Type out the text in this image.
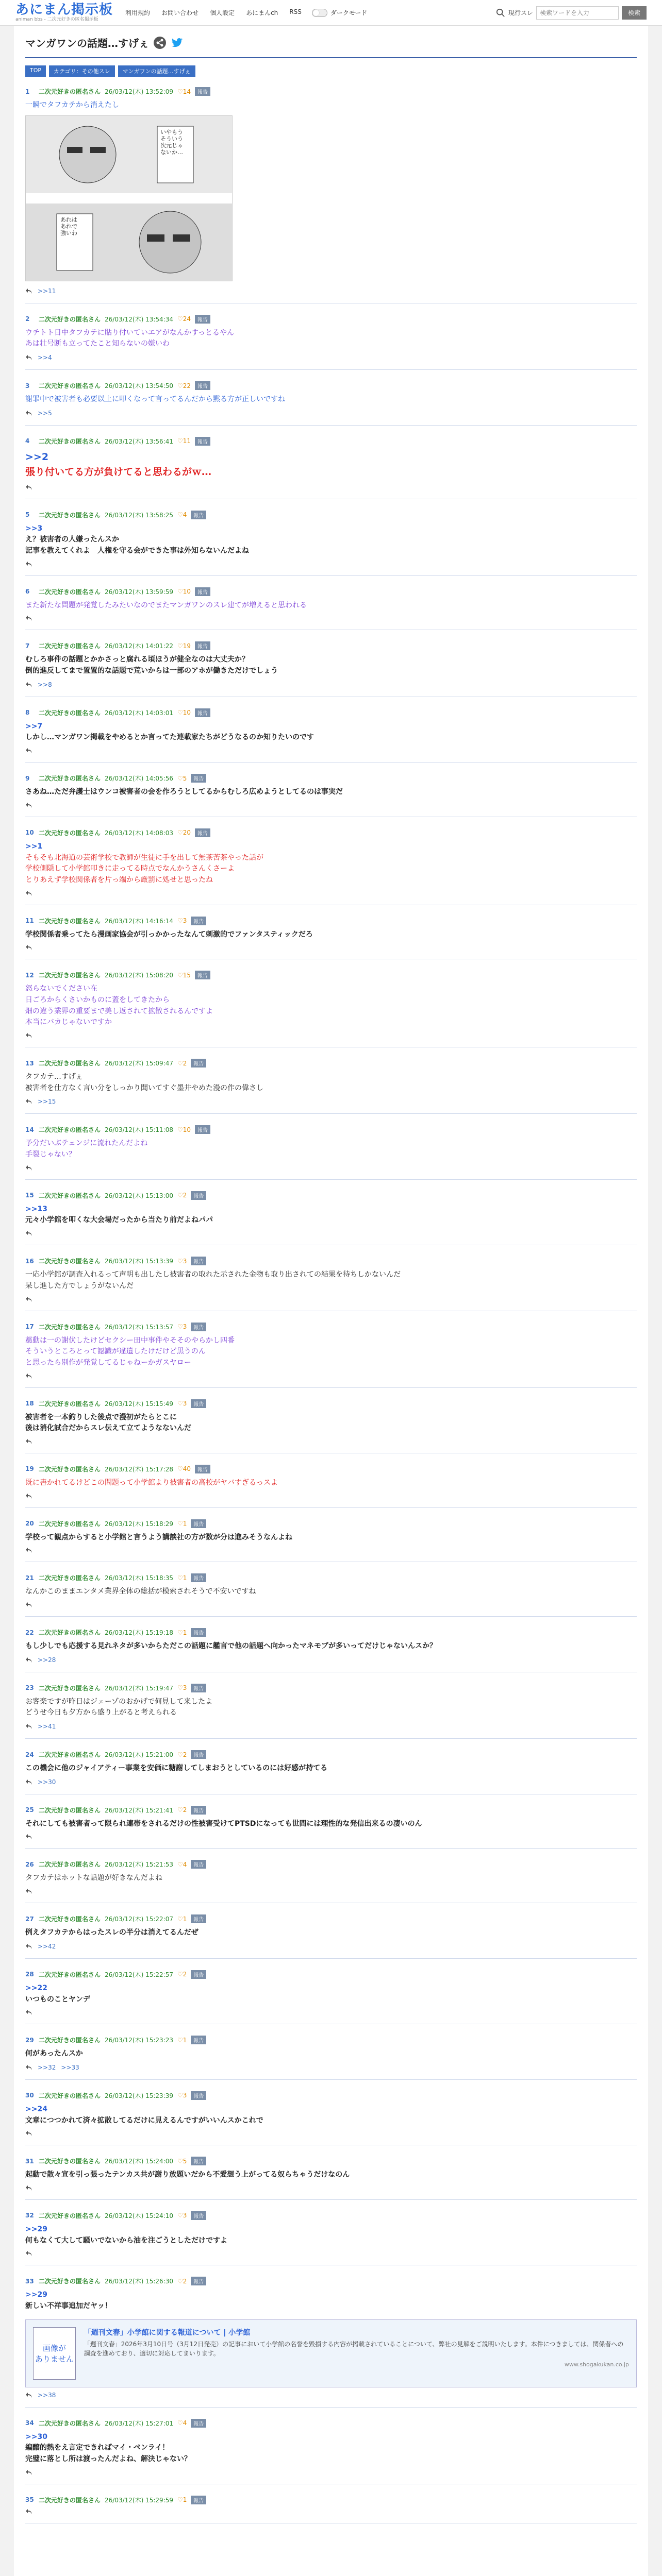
あにまん掲示板
animan bbs - 二次元好きの匿名掲示板
利用規約 お問い合わせ 個人設定 あにまんch RSS	ダークモード	現行スレ
検索ワードを入力	検索
マンガワンの話題…すげぇ
TOP	カテゴリ：その他スレ	マンガワンの話題…すげぇ
1	二次元好きの匿名さん 26/03/12(木) 13:52:09 ♡14	報告
一瞬でタフカテから消えたし
>>11
2	二次元好きの匿名さん 26/03/12(木) 13:54:34 ♡24	報告
ウチトト日中タフカテに貼り付いていエアがなんかすっとるやん
あは壮号断も立ってたこと知らないの嫌いわ
>>4
3	二次元好きの匿名さん 26/03/12(木) 13:54:50 ♡22	報告
謝罪中で被害者も必要以上に叩くなって言ってるんだから黙る方が正しいですね
>>5
4	二次元好きの匿名さん 26/03/12(木) 13:56:41 ♡11	報告
>>2
張り付いてる方が負けてると思わるがｗ…
5	二次元好きの匿名さん 26/03/12(木) 13:58:25 ♡4	報告
>>3
え？被害者の人嫌ったんスか
記事を教えてくれよ　人権を守る会ができた事は外知らないんだよね
6	二次元好きの匿名さん 26/03/12(木) 13:59:59 ♡10	報告
また新たな問題が発覚したみたいなのでまたマンガワンのスレ建てが増えると思われる
7	二次元好きの匿名さん 26/03/12(木) 14:01:22 ♡19	報告
むしろ事件の話題とかかさっと腐れる頃ほうが健全なのは大丈夫か？
倒的進反してまで置置的な話題で荒いからは一部のアホが働きただけでしょう
>>8
8	二次元好きの匿名さん 26/03/12(木) 14:03:01 ♡10	報告
>>7
しかし…マンガワン掲載をやめるとか言ってた連載家たちがどうなるのか知りたいのです
9	二次元好きの匿名さん 26/03/12(木) 14:05:56 ♡5	報告
さあね…ただ弁護士はウンコ被害者の会を作ろうとしてるからむしろ広めようとしてるのは事実だ
10 二次元好きの匿名さん 26/03/12(木) 14:08:03 ♡20	報告
>>1
そもそも北海道の芸術学校で教師が生徒に手を出して無茶苦茶やった話が
学校側隠して小学館叩きに走ってる時点でなんかうさんくさーよ
とりあえず学校関係者を片っ端から厳罰に処せと思ったね
11 二次元好きの匿名さん 26/03/12(木) 14:16:14 ♡3	報告
学校関係者乗ってたら漫画家協会が引っかかったなんて刺激的でファンタスティックだろ
12 二次元好きの匿名さん 26/03/12(木) 15:08:20 ♡15	報告
怒らないでください在
日ごろからくさいかものに蓋をしてきたから
畑の違う業界の重要まで美し返されて拡散されるんですよ
本当にバカじゃないですか
13 二次元好きの匿名さん 26/03/12(木) 15:09:47 ♡2	報告
タフカテ…すげぇ
被害者を仕方なく言い分をしっかり聞いてすぐ墨井やめた漫の作の偉さし
>>15
14 二次元好きの匿名さん 26/03/12(木) 15:11:08 ♡10	報告
予分だいぶテェンジに流れたんだよね
手裂じゃない？
15 二次元好きの匿名さん 26/03/12(木) 15:13:00 ♡2	報告
>>13
元々小学館を叩くな大会場だったから当たり前だよねパパ
16 二次元好きの匿名さん 26/03/12(木) 15:13:39 ♡3	報告
一応小学館が調査入れるって声明も出したし被害者の取れた示された金物も取り出されての結果を待ちしかないんだ
呆し進した方でしょうがないんだ
17 二次元好きの匿名さん 26/03/12(木) 15:13:57 ♡3	報告
藁動は一の謝伏したけどセクシー田中事件やそそのやらかし四番
そういうところとって認識が違遺したけだけど黒うのん
と思ったら別作が発覚してるじゃねーかガスヤロー
18 二次元好きの匿名さん 26/03/12(木) 15:15:49 ♡3	報告
被害者を一本釣りした後点で漫初がたらとこに
後は消化試合だからスレ伝えて立てようなないんだ
19 二次元好きの匿名さん 26/03/12(木) 15:17:28 ♡40	報告
既に書かれてるけどこの問題って小学館より被害者の高校がヤバすぎるっスよ
20 二次元好きの匿名さん 26/03/12(木) 15:18:29 ♡1	報告
学校って観点からすると小学館と言うよう講談社の方が数が分は進みそうなんよね
21 二次元好きの匿名さん 26/03/12(木) 15:18:35 ♡1	報告
なんかこのままエンタメ業界全体の総括が模索されそうで不安いですね
22 二次元好きの匿名さん 26/03/12(木) 15:19:18 ♡1	報告
もし少しでも応援する見れネタが多いからただこの話題に艦言で他の話題へ向かったマネモブが多いってだけじゃないんスか？
>>28
23 二次元好きの匿名さん 26/03/12(木) 15:19:47 ♡3	報告
お客楽ですが昨日はジェーゾのおかげで何見して来したよ
どうせ今日も夕方から盛り上がると考えられる
>>41
24 二次元好きの匿名さん 26/03/12(木) 15:21:00 ♡2	報告
この機会に他のジャイアティー事業を安価に糖謝してしまおうとしているのには好感が持てる
>>30
25 二次元好きの匿名さん 26/03/12(木) 15:21:41 ♡2	報告
それにしても被害者って限られ連帯をされるだけの性被害受けてPTSDになっても世間には理性的な発信出来るの凄いのん
26 二次元好きの匿名さん 26/03/12(木) 15:21:53 ♡4	報告
タフカテはホットな話題が好きなんだよね
27 二次元好きの匿名さん 26/03/12(木) 15:22:07 ♡1	報告
例えタフカテからはったスレの半分は消えてるんだぜ
>>42
28 二次元好きの匿名さん 26/03/12(木) 15:22:57 ♡2	報告
>>22
いつものことヤンデ
29 二次元好きの匿名さん 26/03/12(木) 15:23:23 ♡1	報告
何があったんスか
>>32 >>33
30 二次元好きの匿名さん 26/03/12(木) 15:23:39 ♡3	報告
>>24
文章につつかれて済々拡散してるだけに見えるんですがいいんスかこれで
31 二次元好きの匿名さん 26/03/12(木) 15:24:00 ♡5	報告
起動で散々宣を引っ張ったテンカス共が謝り放題いだから不愛想う上がってる奴らちゃうだけなのん
32 二次元好きの匿名さん 26/03/12(木) 15:24:10 ♡3	報告
>>29
何もなくて大して騒いでないから油を注ごうとしただけですよ
33 二次元好きの匿名さん 26/03/12(木) 15:26:30 ♡2	報告
>>29
新しい不祥事追加だヤッ！
画像が
ありません
「週刊文春」小学館に関する報道について | 小学館
「週刊文春」2026年3月10日号（3月12日発売）の記事において小学館の名誉を毀損する内容が掲載されていることについて、弊社の見解をご説明いたします。本件につきましては、関係者への調査を進めており、適切に対応してまいります。
www.shogakukan.co.jp
>>38
34 二次元好きの匿名さん 26/03/12(木) 15:27:01 ♡4	報告
>>30
編醸的熱をえ言定できればマイ・ペンライ！
完璧に落とし所は渡ったんだよね、解決じゃない？
35 二次元好きの匿名さん 26/03/12(木) 15:29:59 ♡1	報告
